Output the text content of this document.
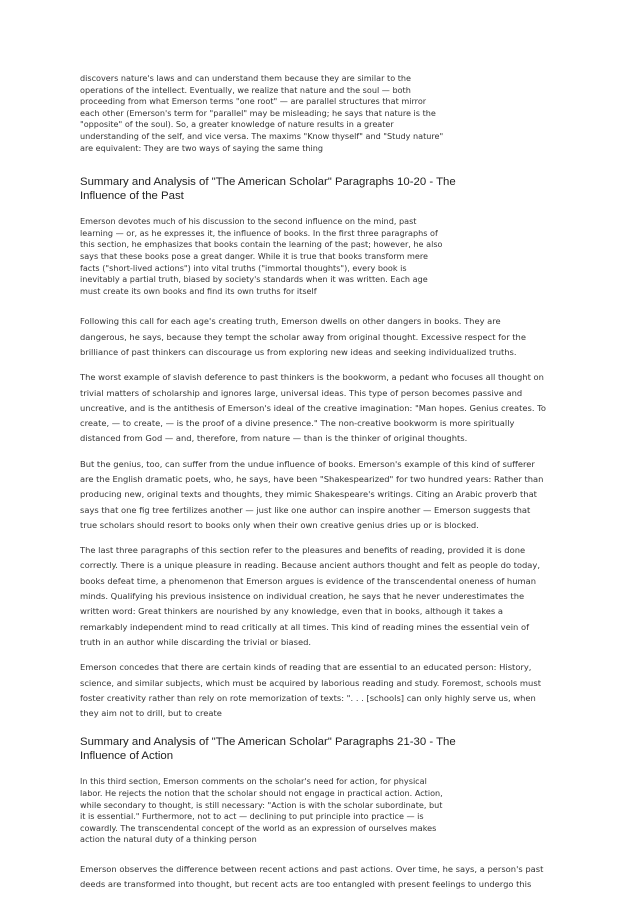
discovers nature's laws and can understand them because they are similar to the
operations of the intellect. Eventually, we realize that nature and the soul — both
proceeding from what Emerson terms "one root" — are parallel structures that mirror
each other (Emerson's term for "parallel" may be misleading; he says that nature is the
"opposite" of the soul). So, a greater knowledge of nature results in a greater
understanding of the self, and vice versa. The maxims "Know thyself" and "Study nature"
are equivalent: They are two ways of saying the same thing

Summary and Analysis of "The American Scholar" Paragraphs 10-20 - The
Influence of the Past

Emerson devotes much of his discussion to the second influence on the mind, past
learning — or, as he expresses it, the influence of books. In the first three paragraphs of
this section, he emphasizes that books contain the learning of the past; however, he also
says that these books pose a great danger. While it is true that books transform mere
facts ("short-lived actions") into vital truths ("immortal thoughts"), every book is
inevitably a partial truth, biased by society's standards when it was written. Each age
must create its own books and find its own truths for itself

Following this call for each age's creating truth, Emerson dwells on other dangers in books. They are
dangerous, he says, because they tempt the scholar away from original thought. Excessive respect for the
brilliance of past thinkers can discourage us from exploring new ideas and seeking individualized truths.

The worst example of slavish deference to past thinkers is the bookworm, a pedant who focuses all thought on
trivial matters of scholarship and ignores large, universal ideas. This type of person becomes passive and
uncreative, and is the antithesis of Emerson's ideal of the creative imagination: "Man hopes. Genius creates. To
create, — to create, — is the proof of a divine presence." The non-creative bookworm is more spiritually
distanced from God — and, therefore, from nature — than is the thinker of original thoughts.

But the genius, too, can suffer from the undue influence of books. Emerson's example of this kind of sufferer
are the English dramatic poets, who, he says, have been "Shakespearized" for two hundred years: Rather than
producing new, original texts and thoughts, they mimic Shakespeare's writings. Citing an Arabic proverb that
says that one fig tree fertilizes another — just like one author can inspire another — Emerson suggests that
true scholars should resort to books only when their own creative genius dries up or is blocked.

The last three paragraphs of this section refer to the pleasures and benefits of reading, provided it is done
correctly. There is a unique pleasure in reading. Because ancient authors thought and felt as people do today,
books defeat time, a phenomenon that Emerson argues is evidence of the transcendental oneness of human
minds. Qualifying his previous insistence on individual creation, he says that he never underestimates the
written word: Great thinkers are nourished by any knowledge, even that in books, although it takes a
remarkably independent mind to read critically at all times. This kind of reading mines the essential vein of
truth in an author while discarding the trivial or biased.

Emerson concedes that there are certain kinds of reading that are essential to an educated person: History,
science, and similar subjects, which must be acquired by laborious reading and study. Foremost, schools must
foster creativity rather than rely on rote memorization of texts: ". . . [schools] can only highly serve us, when
they aim not to drill, but to create

Summary and Analysis of "The American Scholar" Paragraphs 21-30 - The
Influence of Action

In this third section, Emerson comments on the scholar's need for action, for physical
labor. He rejects the notion that the scholar should not engage in practical action. Action,
while secondary to thought, is still necessary: "Action is with the scholar subordinate, but
it is essential." Furthermore, not to act — declining to put principle into practice — is
cowardly. The transcendental concept of the world as an expression of ourselves makes
action the natural duty of a thinking person

Emerson observes the difference between recent actions and past actions. Over time, he says, a person's past
deeds are transformed into thought, but recent acts are too entangled with present feelings to undergo this
